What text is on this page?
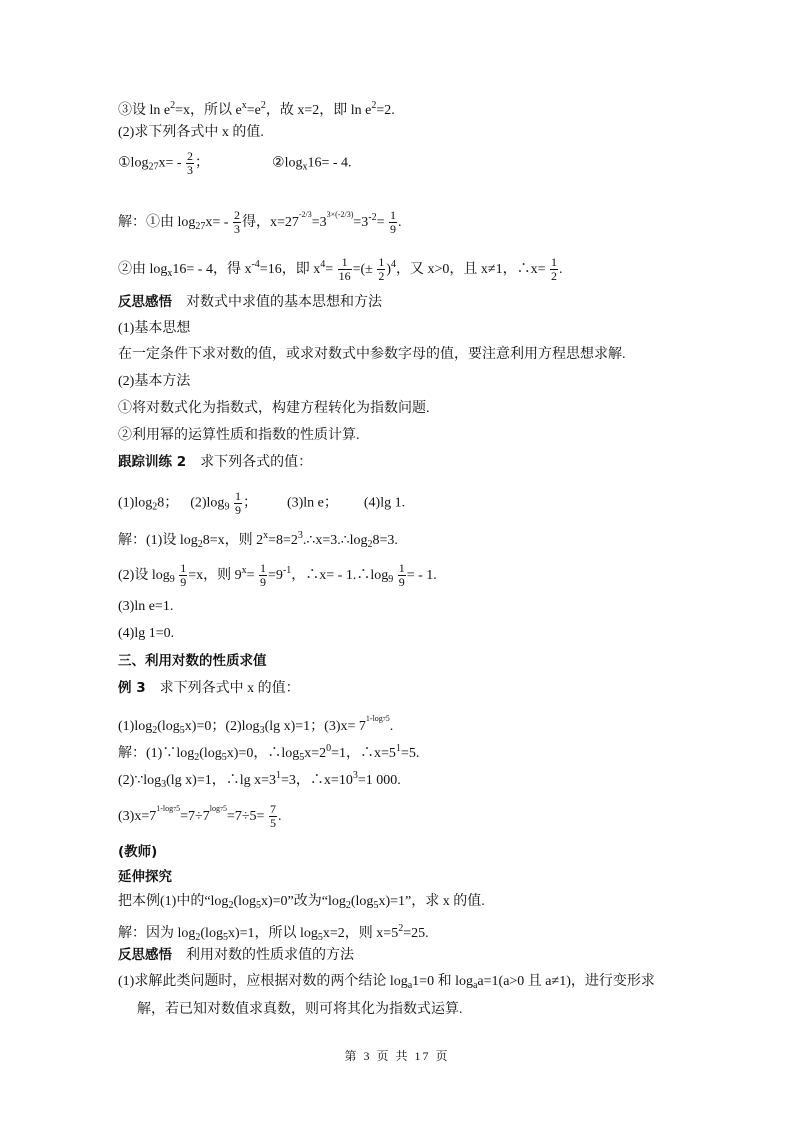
③设 $\ln e^2=x$，所以 $e^x=e^2$，故 x=2，即 $\ln e^2=2$.
(2)求下列各式中 x 的值.
$①\log_{27}x= - \frac{2}{3}$ ；	$②\log_x16= - 4$.
解：①由 $\log_{27}x= - \frac{2}{3}$ 得，$x=27^{-2/3}=3^{3\times(-2/3)}=3^{-2}= \frac{1}{9}$ .
②由 $\log_x16= - 4$，得 $x^{-4}=16$，即 $x^4= \frac{1}{16}$ =(± $\frac{1}{2} )^4$，又 x>0，且 x≠1，∴x= $\frac{1}{2}$ .
反思感悟 对数式中求值的基本思想和方法
(1)基本思想
在一定条件下求对数的值，或求对数式中参数字母的值，要注意利用方程思想求解.
(2)基本方法
①将对数式化为指数式，构建方程转化为指数问题.
②利用幂的运算性质和指数的性质计算.
跟踪训练 2 求下列各式的值：
$(1)\log_28$； $(2)\log_9 \frac{1}{9}$ ； (3)ln e； (4)lg 1.
解：(1)设 $\log_28=x$，则 $2^x=8=2^3.\therefore x=3.\therefore\log_28=3$.
(2)设 $\log_9 \frac{1}{9} =x$，则 $9^x= \frac{1}{9} =9^{-1}$，∴x= - $1.\therefore\log_9 \frac{1}{9}$ = - 1.
(3)ln e=1.
(4)lg 1=0.
三、利用对数的性质求值
例 3 求下列各式中 x 的值：
$(1)\log_2(\log_5x)=0$；$(2)\log_3(\lg$ x)=1；$(3)x= 7^{1-log75}$.
解：$(1)\because\log_2(\log_5x)=0$，$\therefore\log_5x=2^0=1$，$\therefore x=5^1=5$.
$(2)\because\log_3(\lg$ x)=1，∴lg $x=3^1=3$，$\therefore x=10^3=1$ 000.
$(3)x=7^{1-log75}=7\div 7^{log75}=7\div 5= \frac{7}{5}$ .
(教师)
延伸探究
把本例(1)中的“$\log_2(\log_5x)=0$”改为“$\log_2(\log_5x)=1$”，求 x 的值.
解：因为 $\log_2(\log_5x)=1$，所以 $\log_5x=2$，则 $x=5^2=25$.
反思感悟 利用对数的性质求值的方法
(1)求解此类问题时，应根据对数的两个结论 $\log_a1=0$ 和 $\log_aa=1(a>0$ 且 a≠1)，进行变形求
解，若已知对数值求真数，则可将其化为指数式运算.
第 3 页 共 17 页
